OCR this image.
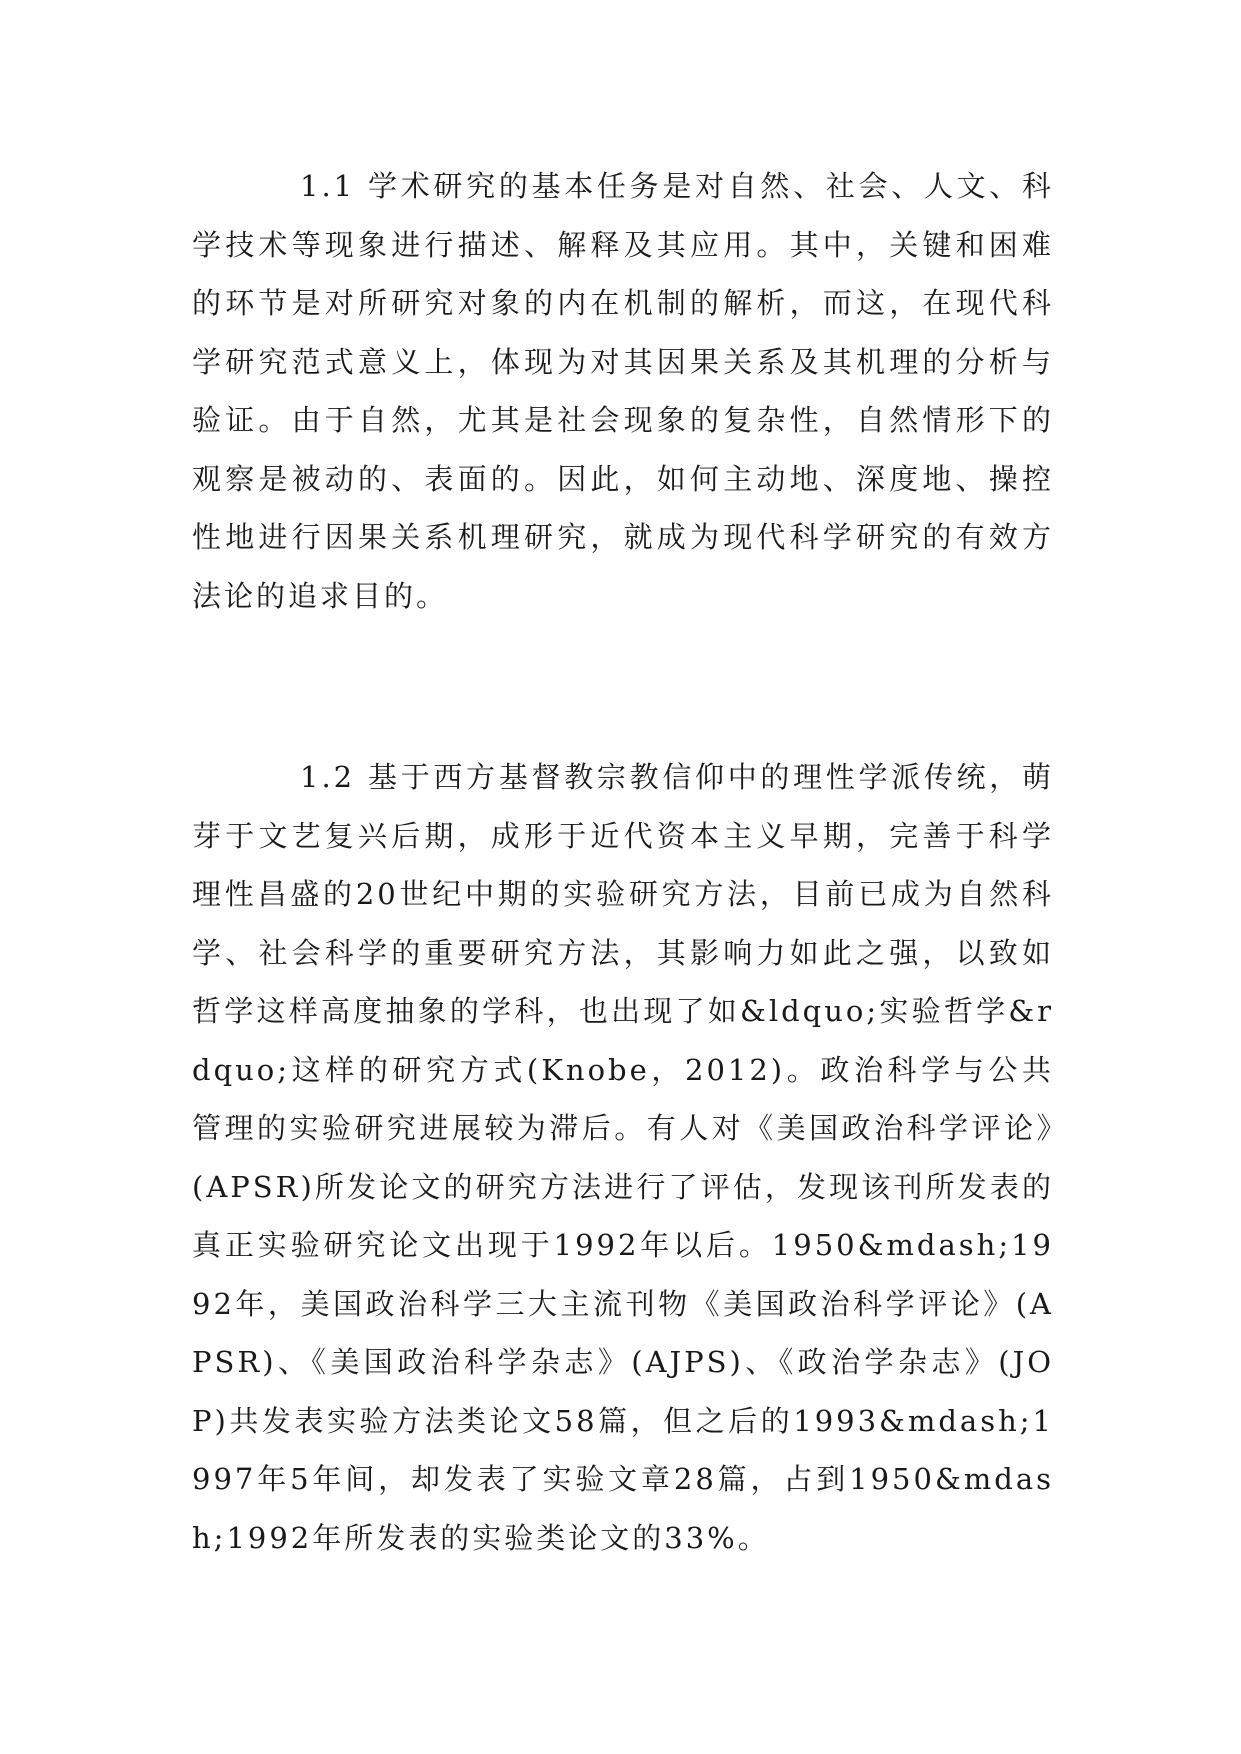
1.1 学术研究的基本任务是对自然、社会、人文、科学技术等现象进行描述、解释及其应用。其中，关键和困难的环节是对所研究对象的内在机制的解析，而这，在现代科学研究范式意义上，体现为对其因果关系及其机理的分析与验证。由于自然，尤其是社会现象的复杂性，自然情形下的观察是被动的、表面的。因此，如何主动地、深度地、操控性地进行因果关系机理研究，就成为现代科学研究的有效方法论的追求目的。

1.2 基于西方基督教宗教信仰中的理性学派传统，萌芽于文艺复兴后期，成形于近代资本主义早期，完善于科学理性昌盛的20世纪中期的实验研究方法，目前已成为自然科学、社会科学的重要研究方法，其影响力如此之强，以致如哲学这样高度抽象的学科，也出现了如&ldquo;实验哲学&rdquo;这样的研究方式(Knobe，2012)。政治科学与公共管理的实验研究进展较为滞后。有人对《美国政治科学评论》(APSR)所发论文的研究方法进行了评估，发现该刊所发表的真正实验研究论文出现于1992年以后。1950&mdash;1992年，美国政治科学三大主流刊物《美国政治科学评论》(APSR)、《美国政治科学杂志》(AJPS)、《政治学杂志》(JOP)共发表实验方法类论文58篇，但之后的1993&mdash;1997年5年间，却发表了实验文章28篇，占到1950&mdash;1992年所发表的实验类论文的33%。
